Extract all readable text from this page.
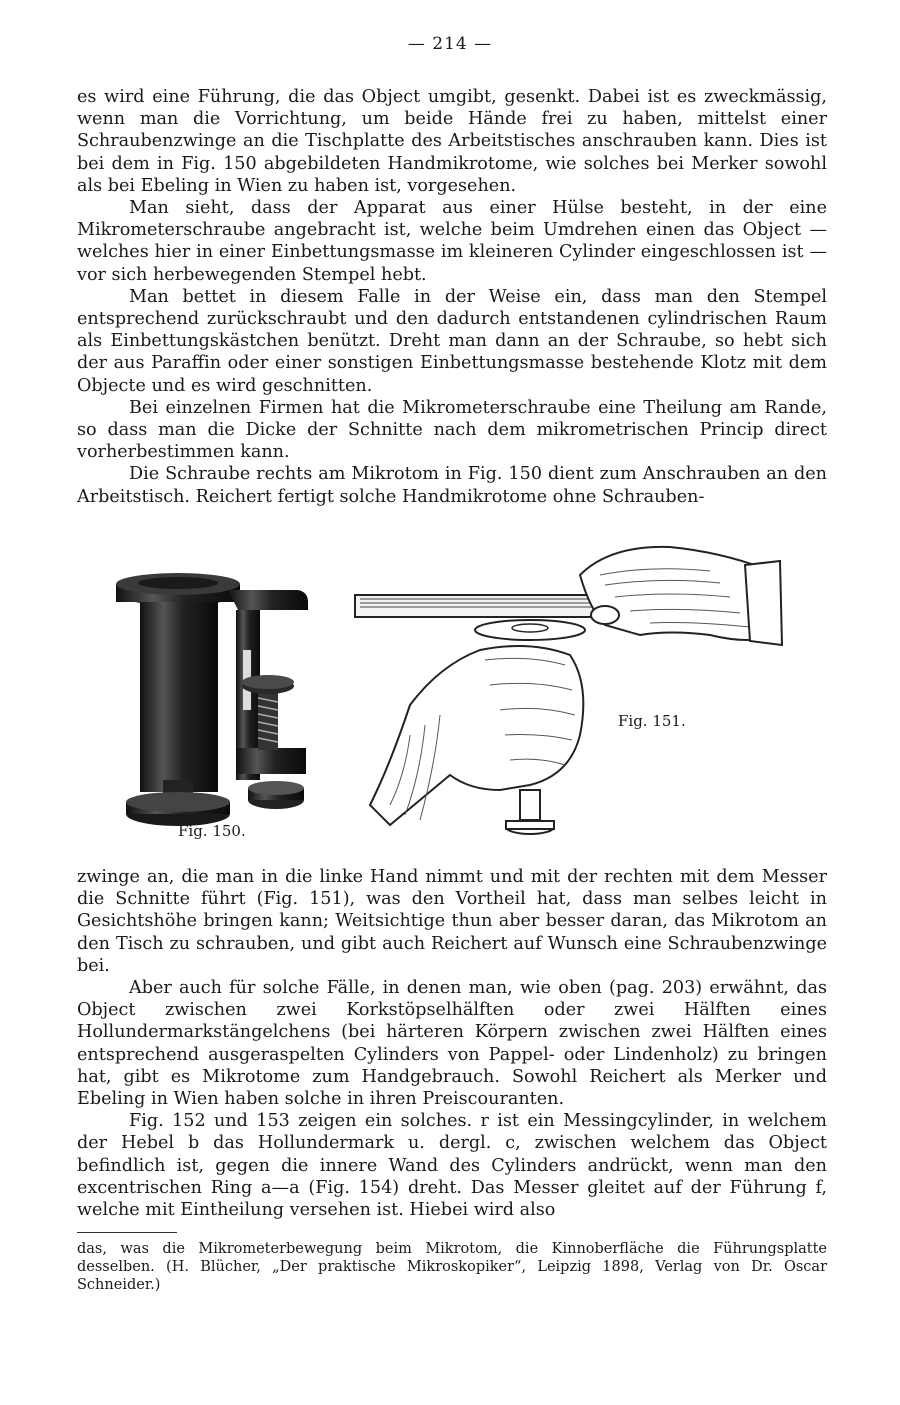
— 214 —

es wird eine Führung, die das Object umgibt, gesenkt. Dabei ist es zweckmässig, wenn man die Vorrichtung, um beide Hände frei zu haben, mittelst einer Schraubenzwinge an die Tischplatte des Arbeitstisches anschrauben kann. Dies ist bei dem in Fig. 150 abgebildeten Handmikrotome, wie solches bei Merker sowohl als bei Ebeling in Wien zu haben ist, vorgesehen.

Man sieht, dass der Apparat aus einer Hülse besteht, in der eine Mikrometerschraube angebracht ist, welche beim Umdrehen einen das Object — welches hier in einer Einbettungsmasse im kleineren Cylinder eingeschlossen ist — vor sich herbewegenden Stempel hebt.

Man bettet in diesem Falle in der Weise ein, dass man den Stempel entsprechend zurückschraubt und den dadurch entstandenen cylindrischen Raum als Einbettungskästchen benützt. Dreht man dann an der Schraube, so hebt sich der aus Paraffin oder einer sonstigen Einbettungsmasse bestehende Klotz mit dem Objecte und es wird geschnitten.

Bei einzelnen Firmen hat die Mikrometerschraube eine Theilung am Rande, so dass man die Dicke der Schnitte nach dem mikrometrischen Princip direct vorherbestimmen kann.

Die Schraube rechts am Mikrotom in Fig. 150 dient zum Anschrauben an den Arbeitstisch. Reichert fertigt solche Handmikrotome ohne Schrauben-

Fig. 150.
Fig. 151.

zwinge an, die man in die linke Hand nimmt und mit der rechten mit dem Messer die Schnitte führt (Fig. 151), was den Vortheil hat, dass man selbes leicht in Gesichtshöhe bringen kann; Weitsichtige thun aber besser daran, das Mikrotom an den Tisch zu schrauben, und gibt auch Reichert auf Wunsch eine Schraubenzwinge bei.

Aber auch für solche Fälle, in denen man, wie oben (pag. 203) erwähnt, das Object zwischen zwei Korkstöpselhälften oder zwei Hälften eines Hollundermarkstängelchens (bei härteren Körpern zwischen zwei Hälften eines entsprechend ausgeraspelten Cylinders von Pappel- oder Lindenholz) zu bringen hat, gibt es Mikrotome zum Handgebrauch. Sowohl Reichert als Merker und Ebeling in Wien haben solche in ihren Preiscouranten.

Fig. 152 und 153 zeigen ein solches. r ist ein Messingcylinder, in welchem der Hebel b das Hollundermark u. dergl. c, zwischen welchem das Object befindlich ist, gegen die innere Wand des Cylinders andrückt, wenn man den excentrischen Ring a—a (Fig. 154) dreht. Das Messer gleitet auf der Führung f, welche mit Eintheilung versehen ist. Hiebei wird also

das, was die Mikrometerbewegung beim Mikrotom, die Kinnoberfläche die Führungsplatte desselben. (H. Blücher, „Der praktische Mikroskopiker“, Leipzig 1898, Verlag von Dr. Oscar Schneider.)
